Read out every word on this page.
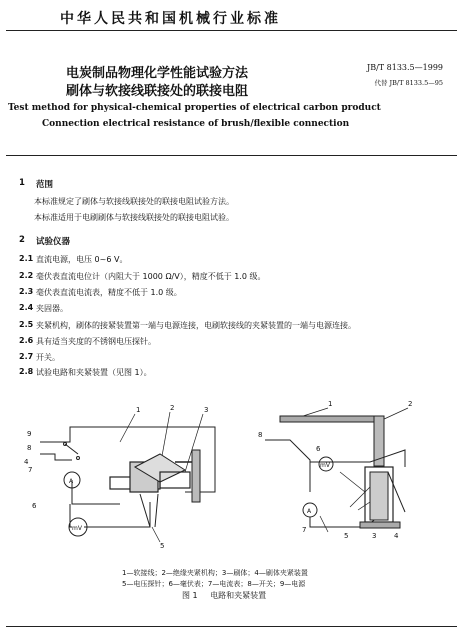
中华人民共和国机械行业标准
电炭制品物理化学性能试验方法
刷体与软接线联接处的联接电阻
JB/T 8133.5—1999
代替 JB/T 8133.5—95
Test method for physical-chemical properties of electrical carbon product
Connection electrical resistance of brush/flexible connection
1 范围
本标准规定了刷体与软接线联接处的联接电阻试验方法。
本标准适用于电刷刷体与软接线联接处的联接电阻试验。
2 试验仪器
2.1 直流电源，电压 0~6 V。
2.2 毫伏表直流电位计（内阻大于 1000 Ω/V），精度不低于 1.0 级。
2.3 毫伏表直流电流表，精度不低于 1.0 级。
2.4 夹固器。
2.5 夹紧机构，刷体的接紧装置第一端与电源连接，电刷软接线的夹紧装置的一端与电源连接。
2.6 具有适当夹度的不锈钢电压探针。
2.7 开关。
2.8 试验电路和夹紧装置（见图 1）。
1	2	3
4
5
6
7
8
9
1	2
8
6
7
5	3	4
A
mV
mV
A
1—软接线；2—绝缘夹紧机构；3—刷体；4—刷体夹紧装置
5—电压探针；6—毫伏表；7—电流表；8—开关；9—电源
图 1 电路和夹紧装置
